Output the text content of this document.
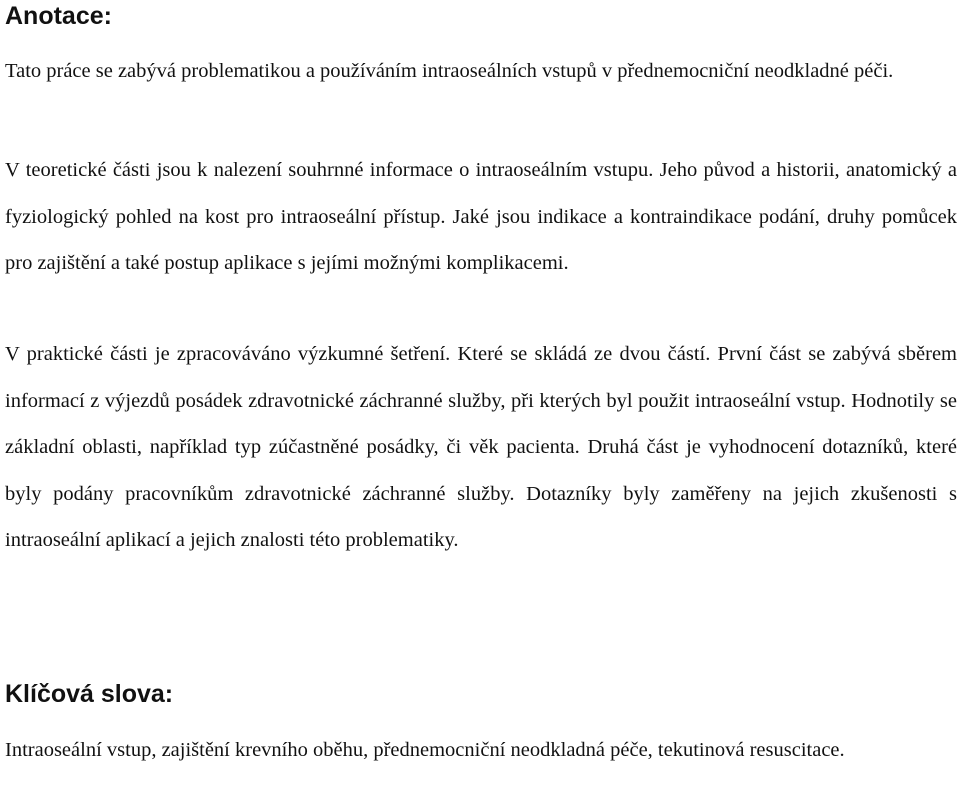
Anotace:

Tato práce se zabývá problematikou a používáním intraoseálních vstupů v přednemocniční neodkladné péči.

V teoretické části jsou k nalezení souhrnné informace o intraoseálním vstupu. Jeho původ a historii, anatomický a fyziologický pohled na kost pro intraoseální přístup. Jaké jsou indikace a kontraindikace podání, druhy pomůcek pro zajištění a také postup aplikace s jejími možnými komplikacemi.

V praktické části je zpracováváno výzkumné šetření. Které se skládá ze dvou částí. První část se zabývá sběrem informací z výjezdů posádek zdravotnické záchranné služby, při kterých byl použit intraoseální vstup. Hodnotily se základní oblasti, například typ zúčastněné posádky, či věk pacienta. Druhá část je vyhodnocení dotazníků, které byly podány pracovníkům zdravotnické záchranné služby. Dotazníky byly zaměřeny na jejich zkušenosti s intraoseální aplikací a jejich znalosti této problematiky.

Klíčová slova:

Intraoseální vstup, zajištění krevního oběhu, přednemocniční neodkladná péče, tekutinová resuscitace.
